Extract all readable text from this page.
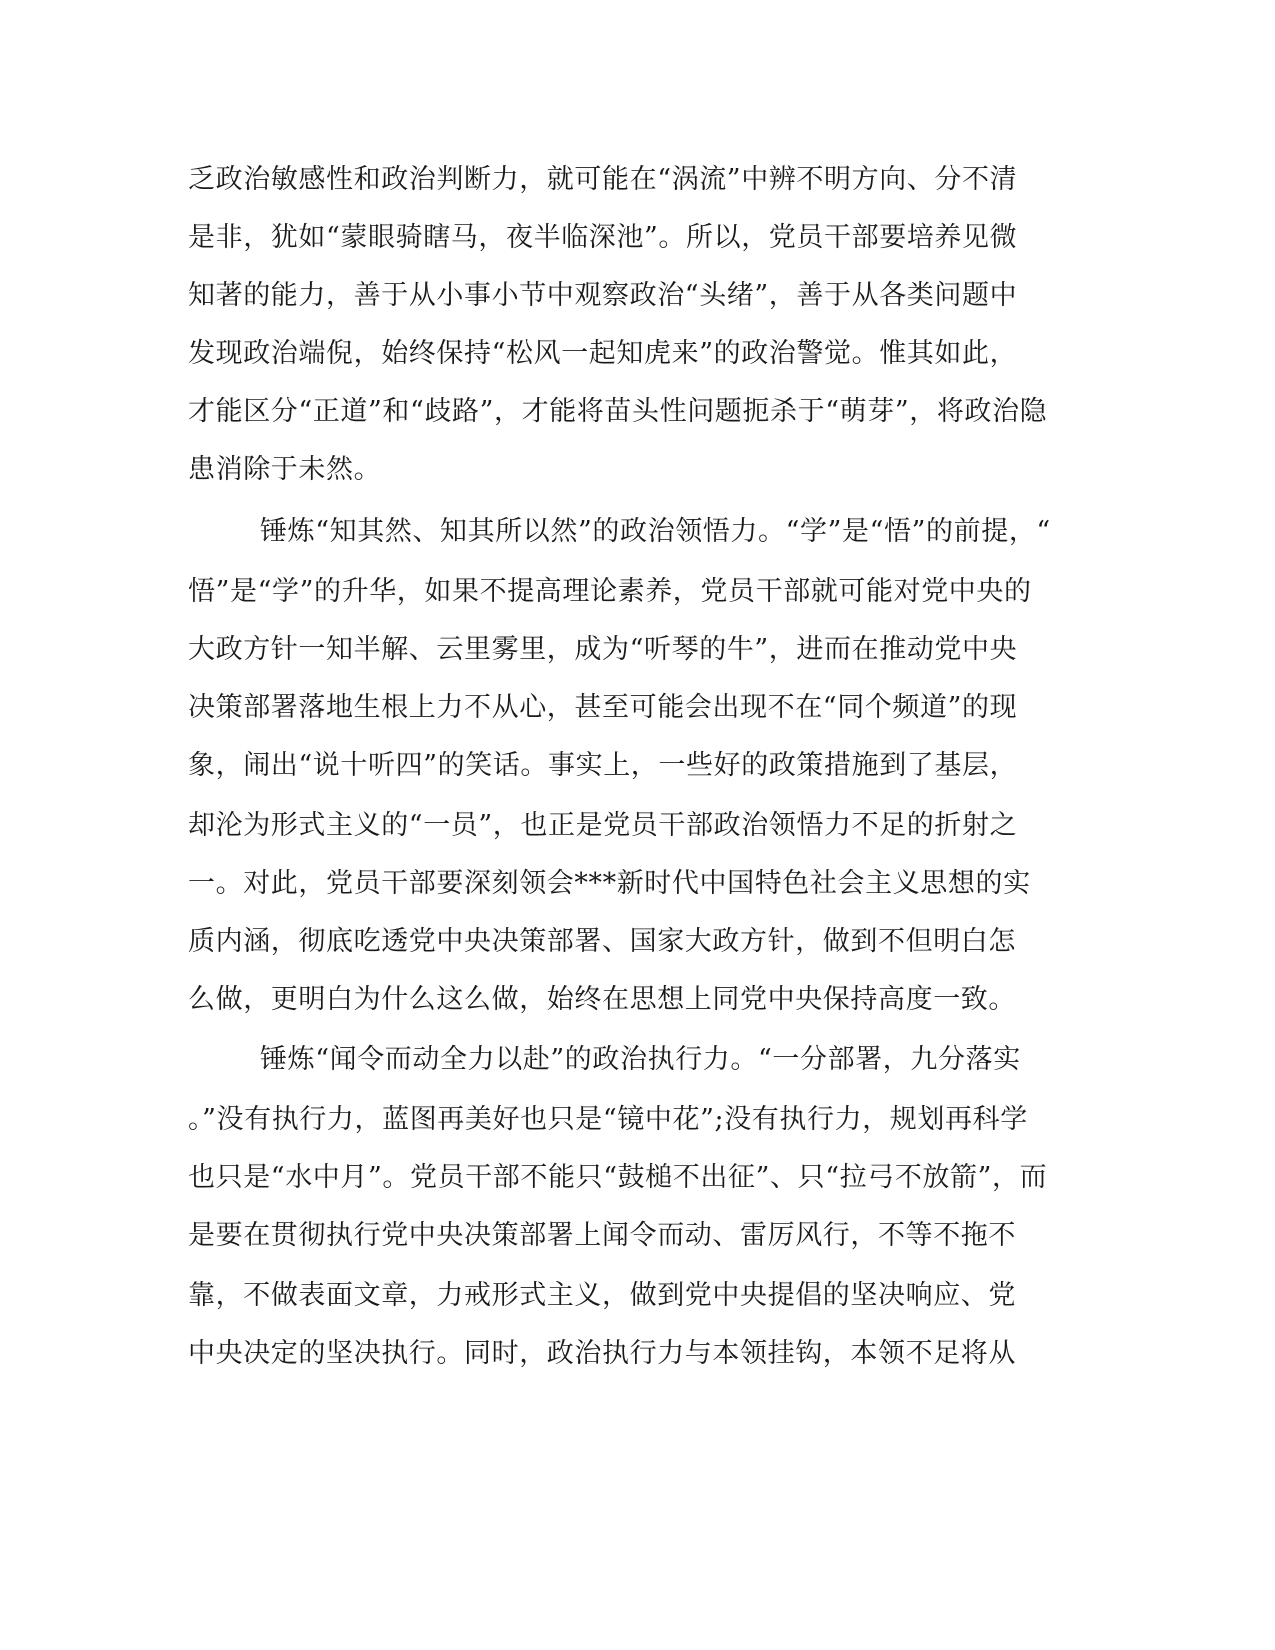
乏政治敏感性和政治判断力，就可能在“涡流”中辨不明方向、分不清
是非，犹如“蒙眼骑瞎马，夜半临深池”。所以，党员干部要培养见微
知著的能力，善于从小事小节中观察政治“头绪”，善于从各类问题中
发现政治端倪，始终保持“松风一起知虎来”的政治警觉。惟其如此，
才能区分“正道”和“歧路”，才能将苗头性问题扼杀于“萌芽”，将政治隐
患消除于未然。
锤炼“知其然、知其所以然”的政治领悟力。“学”是“悟”的前提，“
悟”是“学”的升华，如果不提高理论素养，党员干部就可能对党中央的
大政方针一知半解、云里雾里，成为“听琴的牛”，进而在推动党中央
决策部署落地生根上力不从心，甚至可能会出现不在“同个频道”的现
象，闹出“说十听四”的笑话。事实上，一些好的政策措施到了基层，
却沦为形式主义的“一员”，也正是党员干部政治领悟力不足的折射之
一。对此，党员干部要深刻领会***新时代中国特色社会主义思想的实
质内涵，彻底吃透党中央决策部署、国家大政方针，做到不但明白怎
么做，更明白为什么这么做，始终在思想上同党中央保持高度一致。
锤炼“闻令而动全力以赴”的政治执行力。“一分部署，九分落实
。”没有执行力，蓝图再美好也只是“镜中花”;没有执行力，规划再科学
也只是“水中月”。党员干部不能只“鼓槌不出征”、只“拉弓不放箭”，而
是要在贯彻执行党中央决策部署上闻令而动、雷厉风行，不等不拖不
靠，不做表面文章，力戒形式主义，做到党中央提倡的坚决响应、党
中央决定的坚决执行。同时，政治执行力与本领挂钩，本领不足将从
